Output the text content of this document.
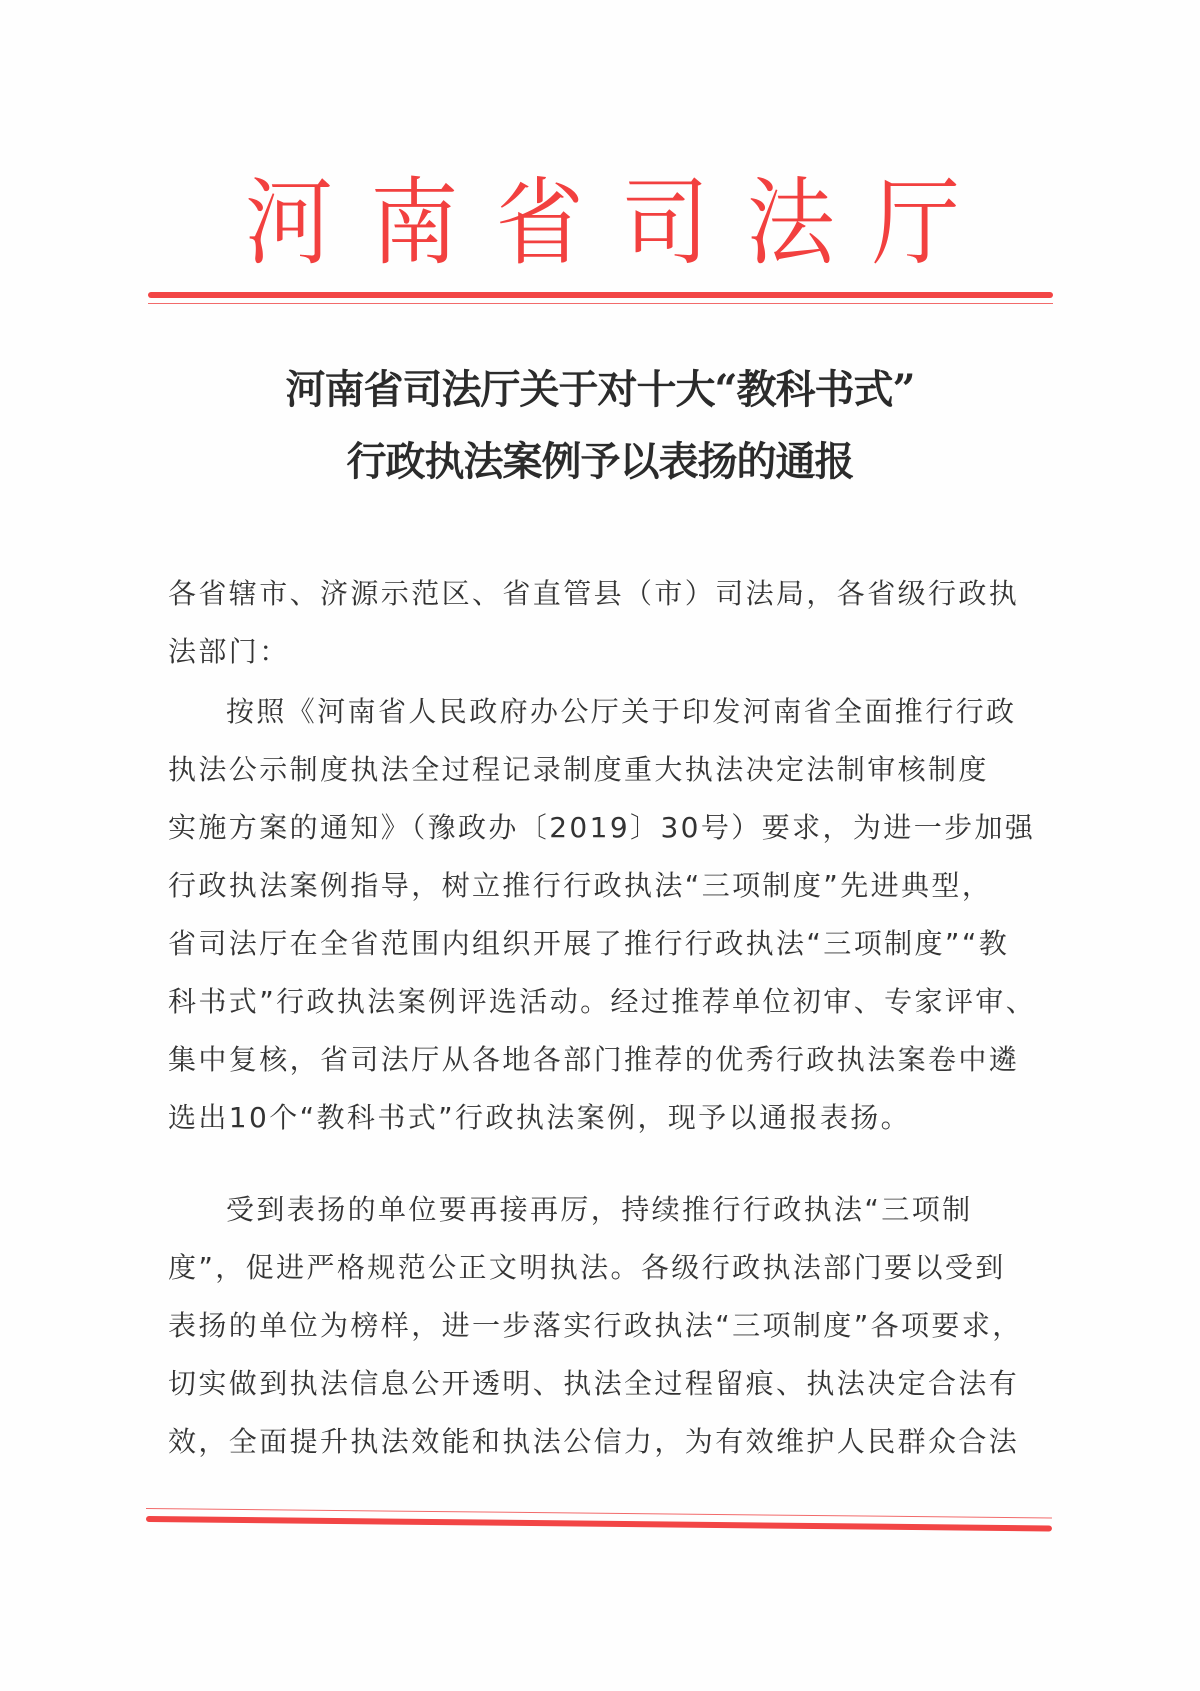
河 南 省 司 法 厅
河南省司法厅关于对十大“教科书式”
行政执法案例予以表扬的通报
各省辖市、济源示范区、省直管县（市）司法局，各省级行政执
法部门：
按照《河南省人民政府办公厅关于印发河南省全面推行行政
执法公示制度执法全过程记录制度重大执法决定法制审核制度
实施方案的通知》（豫政办〔2019〕30号）要求，为进一步加强
行政执法案例指导，树立推行行政执法“三项制度”先进典型，
省司法厅在全省范围内组织开展了推行行政执法“三项制度”“教
科书式”行政执法案例评选活动。经过推荐单位初审、专家评审、
集中复核，省司法厅从各地各部门推荐的优秀行政执法案卷中遴
选出10个“教科书式”行政执法案例，现予以通报表扬。
受到表扬的单位要再接再厉，持续推行行政执法“三项制
度”，促进严格规范公正文明执法。各级行政执法部门要以受到
表扬的单位为榜样，进一步落实行政执法“三项制度”各项要求，
切实做到执法信息公开透明、执法全过程留痕、执法决定合法有
效，全面提升执法效能和执法公信力，为有效维护人民群众合法
